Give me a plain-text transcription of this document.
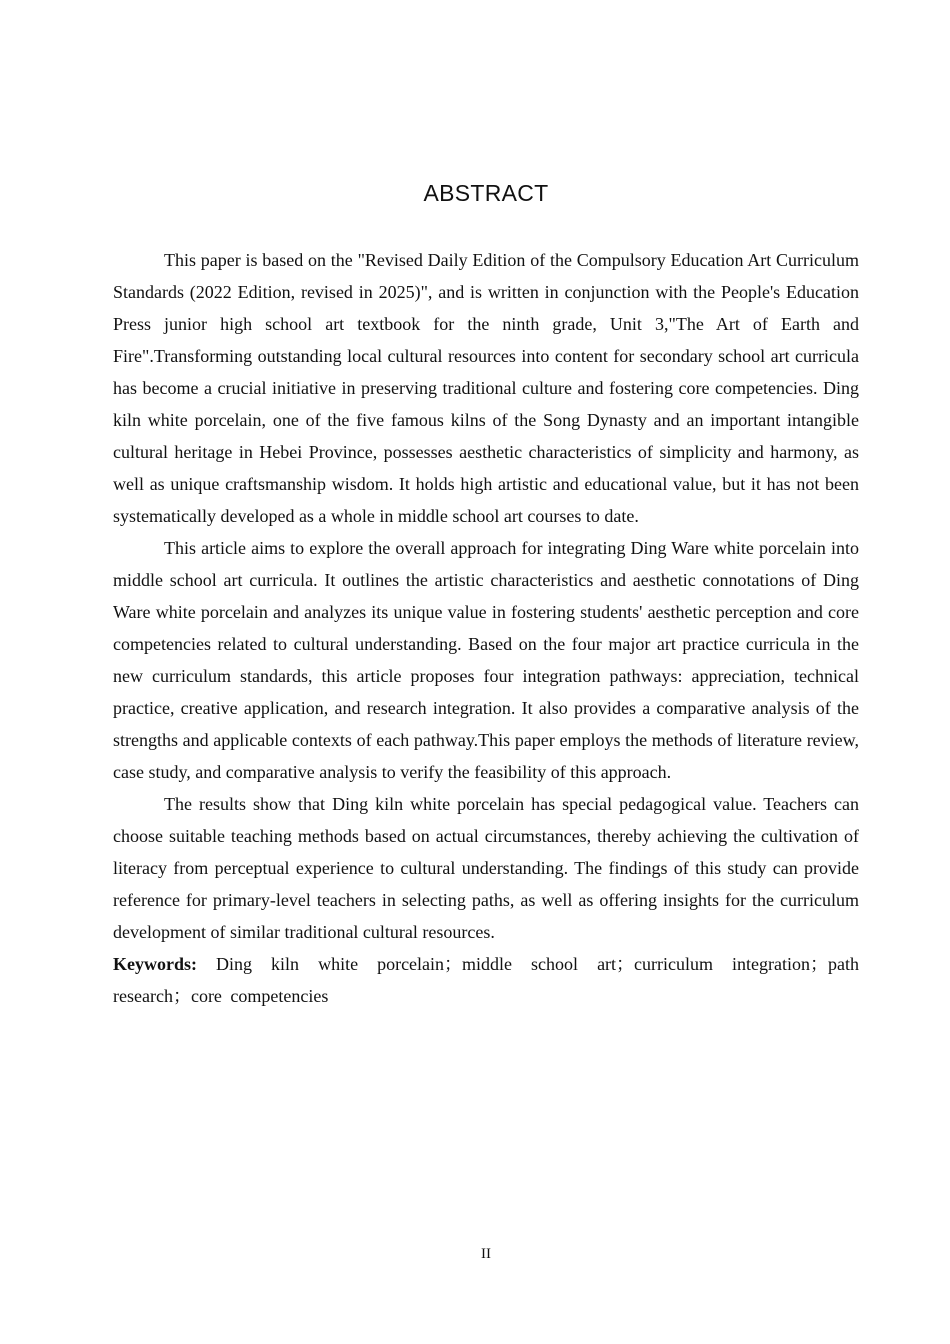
ABSTRACT

This paper is based on the "Revised Daily Edition of the Compulsory Education Art Curriculum Standards (2022 Edition, revised in 2025)", and is written in conjunction with the People's Education Press junior high school art textbook for the ninth grade, Unit 3,"The Art of Earth and Fire".Transforming outstanding local cultural resources into content for secondary school art curricula has become a crucial initiative in preserving traditional culture and fostering core competencies. Ding kiln white porcelain, one of the five famous kilns of the Song Dynasty and an important intangible cultural heritage in Hebei Province, possesses aesthetic characteristics of simplicity and harmony, as well as unique craftsmanship wisdom. It holds high artistic and educational value, but it has not been systematically developed as a whole in middle school art courses to date.

This article aims to explore the overall approach for integrating Ding Ware white porcelain into middle school art curricula. It outlines the artistic characteristics and aesthetic connotations of Ding Ware white porcelain and analyzes its unique value in fostering students' aesthetic perception and core competencies related to cultural understanding. Based on the four major art practice curricula in the new curriculum standards, this article proposes four integration pathways: appreciation, technical practice, creative application, and research integration. It also provides a comparative analysis of the strengths and applicable contexts of each pathway.This paper employs the methods of literature review, case study, and comparative analysis to verify the feasibility of this approach.

The results show that Ding kiln white porcelain has special pedagogical value. Teachers can choose suitable teaching methods based on actual circumstances, thereby achieving the cultivation of literacy from perceptual experience to cultural understanding. The findings of this study can provide reference for primary-level teachers in selecting paths, as well as offering insights for the curriculum development of similar traditional cultural resources.

Keywords: Ding kiln white porcelain；middle school art；curriculum integration；path research；core competencies

II
